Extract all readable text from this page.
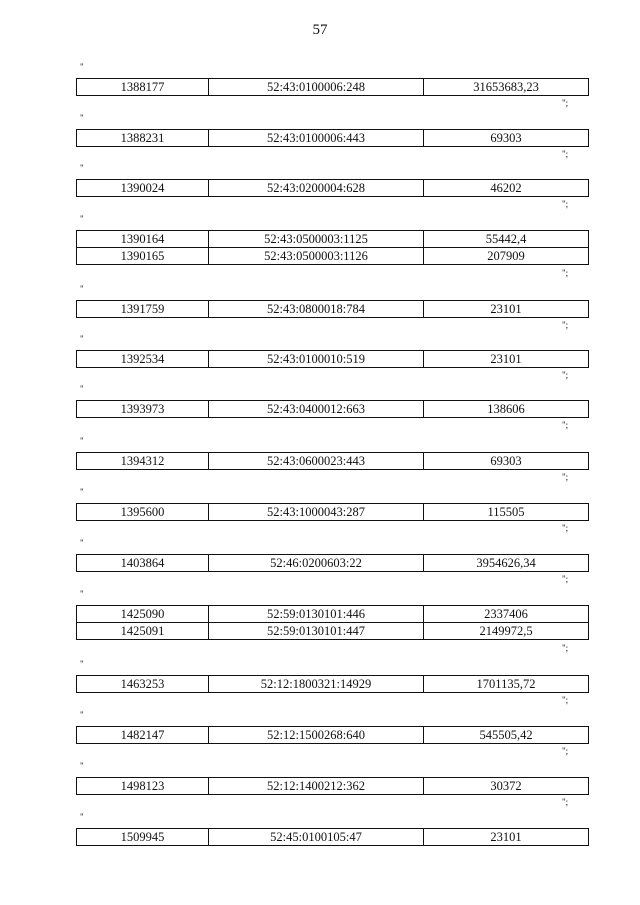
57
"
1388177	52:43:0100006:248	31653683,23
";
"
1388231	52:43:0100006:443	69303
";
"
1390024	52:43:0200004:628	46202
";
"
1390164	52:43:0500003:1125	55442,4
1390165	52:43:0500003:1126	207909
";
"
1391759	52:43:0800018:784	23101
";
"
1392534	52:43:0100010:519	23101
";
"
1393973	52:43:0400012:663	138606
";
"
1394312	52:43:0600023:443	69303
";
"
1395600	52:43:1000043:287	115505
";
"
1403864	52:46:0200603:22	3954626,34
";
"
1425090	52:59:0130101:446	2337406
1425091	52:59:0130101:447	2149972,5
";
"
1463253	52:12:1800321:14929	1701135,72
";
"
1482147	52:12:1500268:640	545505,42
";
"
1498123	52:12:1400212:362	30372
";
"
1509945	52:45:0100105:47	23101
